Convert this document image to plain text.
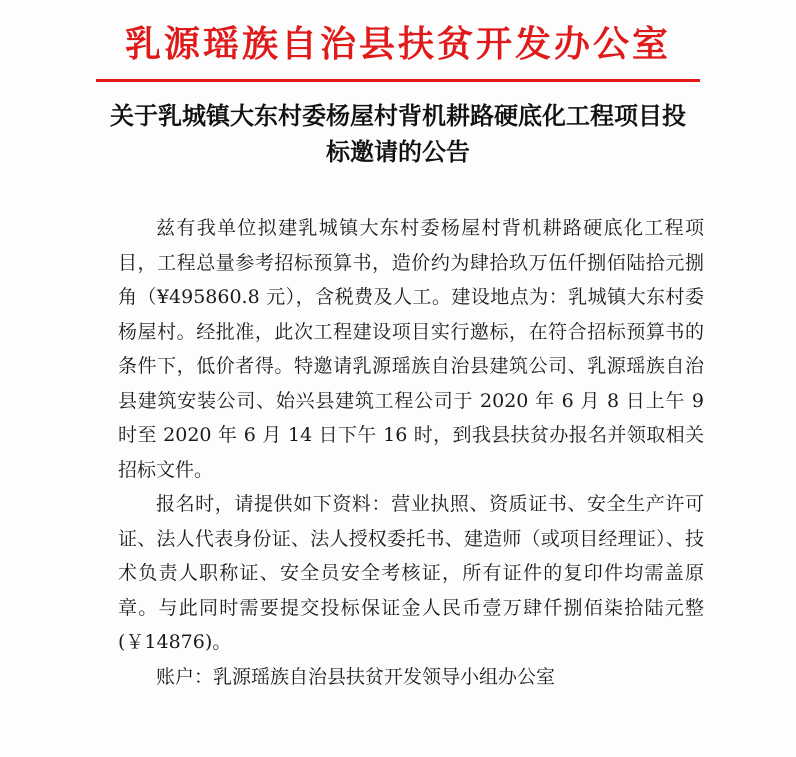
乳源瑶族自治县扶贫开发办公室
关于乳城镇大东村委杨屋村背机耕路硬底化工程项目投标邀请的公告

兹有我单位拟建乳城镇大东村委杨屋村背机耕路硬底化工程项目，工程总量参考招标预算书，造价约为肆拾玖万伍仟捌佰陆拾元捌角（¥495860.8 元），含税费及人工。建设地点为：乳城镇大东村委杨屋村。经批准，此次工程建设项目实行邀标，在符合招标预算书的条件下，低价者得。特邀请乳源瑶族自治县建筑公司、乳源瑶族自治县建筑安装公司、始兴县建筑工程公司于 2020 年 6 月 8 日上午 9 时至 2020 年 6 月 14 日下午 16 时，到我县扶贫办报名并领取相关招标文件。

报名时，请提供如下资料：营业执照、资质证书、安全生产许可证、法人代表身份证、法人授权委托书、建造师（或项目经理证）、技术负责人职称证、安全员安全考核证，所有证件的复印件均需盖原章。与此同时需要提交投标保证金人民币壹万肆仟捌佰柒拾陆元整(￥14876)。

账户：乳源瑶族自治县扶贫开发领导小组办公室
